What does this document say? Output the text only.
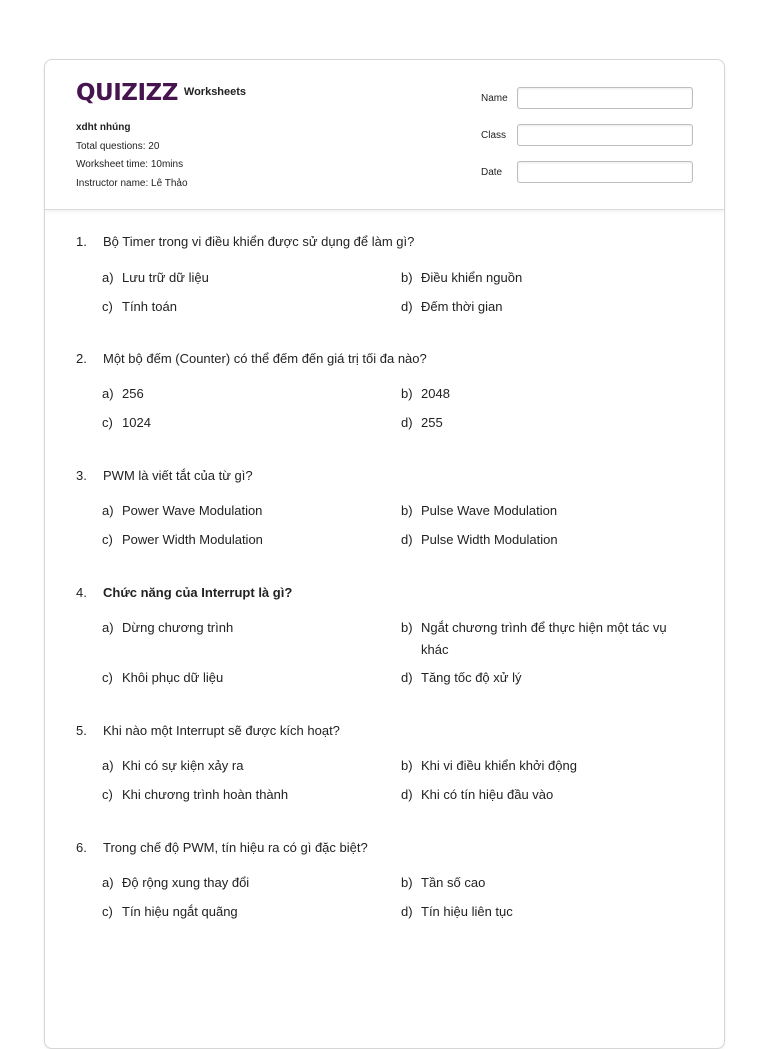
QUIZIZZ Worksheets
xdht nhúng
Total questions: 20
Worksheet time: 10mins
Instructor name: Lê Thảo
Name
Class
Date
1.	Bộ Timer trong vi điều khiển được sử dụng để làm gì?
a) Lưu trữ dữ liệu	b) Điều khiển nguồn
c) Tính toán	d) Đếm thời gian
2.	Một bộ đếm (Counter) có thể đếm đến giá trị tối đa nào?
a) 256	b) 2048
c) 1024	d) 255
3.	PWM là viết tắt của từ gì?
a) Power Wave Modulation	b) Pulse Wave Modulation
c) Power Width Modulation	d) Pulse Width Modulation
4.	Chức năng của Interrupt là gì?
a) Dừng chương trình	b) Ngắt chương trình để thực hiện một tác vụ khác
c) Khôi phục dữ liệu	d) Tăng tốc độ xử lý
5.	Khi nào một Interrupt sẽ được kích hoạt?
a) Khi có sự kiện xảy ra	b) Khi vi điều khiển khởi động
c) Khi chương trình hoàn thành	d) Khi có tín hiệu đầu vào
6.	Trong chế độ PWM, tín hiệu ra có gì đặc biệt?
a) Độ rộng xung thay đổi	b) Tần số cao
c) Tín hiệu ngắt quãng	d) Tín hiệu liên tục
